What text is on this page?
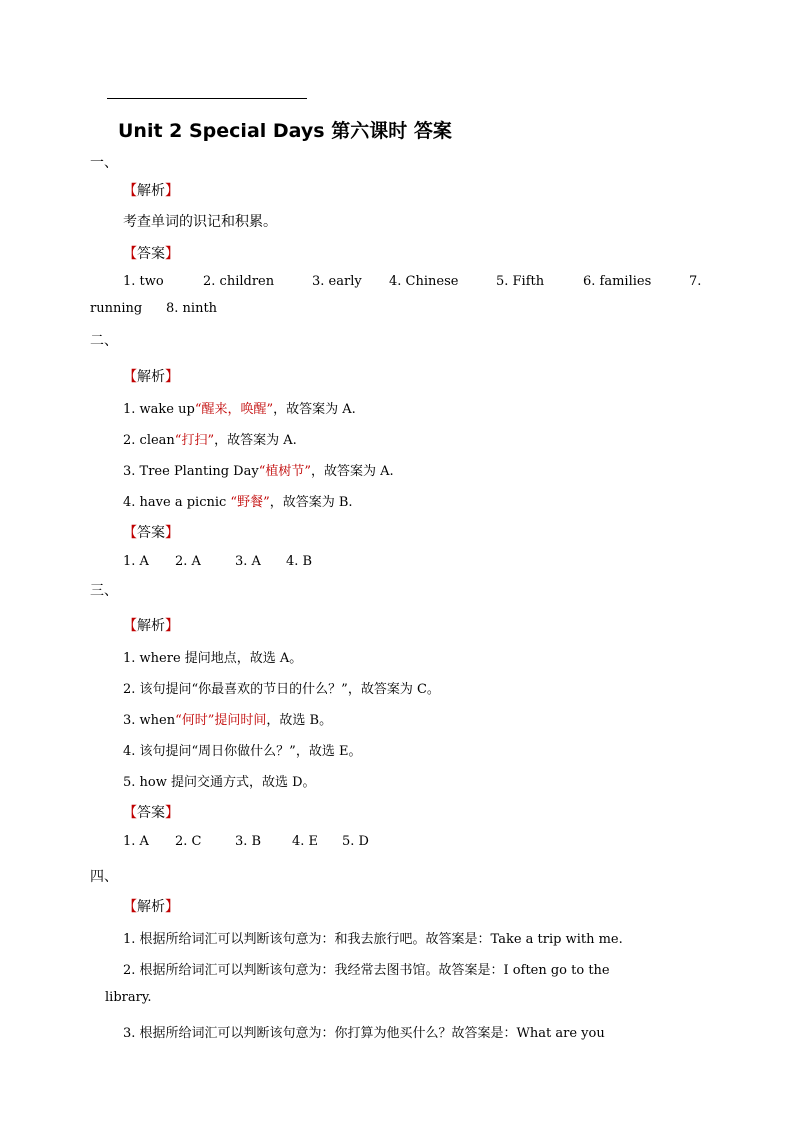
Unit 2 Special Days 第六课时 答案
一、
【解析】
考查单词的识记和积累。
【答案】
1. two	2. children	3. early 4. Chinese	5. Fifth	6. families	7.
running 8. ninth
二、
【解析】
1. wake up“醒来，唤醒”，故答案为 A.
2. clean“打扫”，故答案为 A.
3. Tree Planting Day“植树节”，故答案为 A.
4. have a picnic “野餐”，故答案为 B.
【答案】
1. A 2. A	3. A 4. B
三、
【解析】
1. where 提问地点，故选 A。
2. 该句提问“你最喜欢的节日的什么？”，故答案为 C。
3. when“何时”提问时间，故选 B。
4. 该句提问“周日你做什么？”，故选 E。
5. how 提问交通方式，故选 D。
【答案】
1. A 2. C	3. B 4. E 5. D
四、
【解析】
1. 根据所给词汇可以判断该句意为：和我去旅行吧。故答案是：Take a trip with me.
2. 根据所给词汇可以判断该句意为：我经常去图书馆。故答案是：I often go to the
library.
3. 根据所给词汇可以判断该句意为：你打算为他买什么？故答案是：What are you
